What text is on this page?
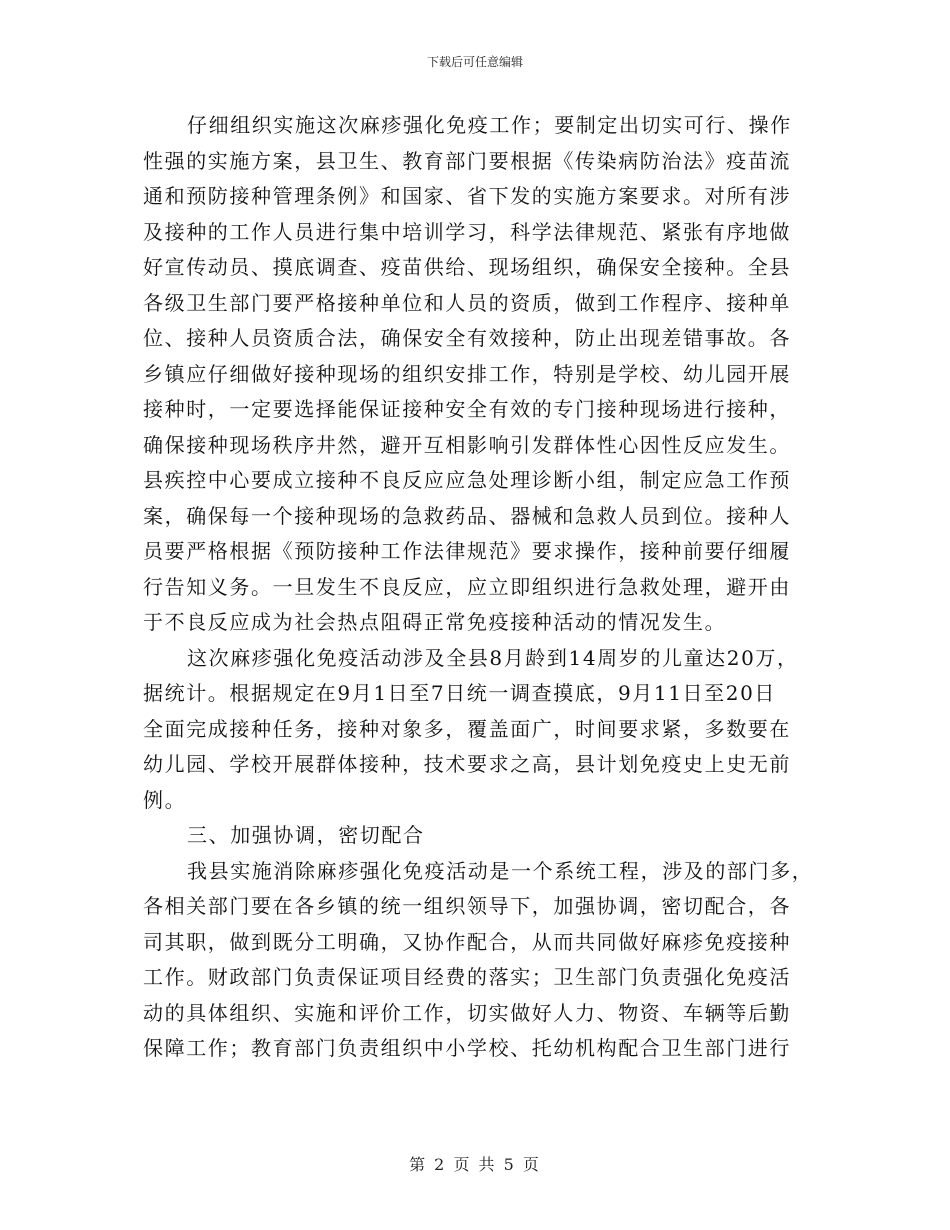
下载后可任意编辑
仔细组织实施这次麻疹强化免疫工作；要制定出切实可行、操作
性强的实施方案，县卫生、教育部门要根据《传染病防治法》疫苗流
通和预防接种管理条例》和国家、省下发的实施方案要求。对所有涉
及接种的工作人员进行集中培训学习，科学法律规范、紧张有序地做
好宣传动员、摸底调查、疫苗供给、现场组织，确保安全接种。全县
各级卫生部门要严格接种单位和人员的资质，做到工作程序、接种单
位、接种人员资质合法，确保安全有效接种，防止出现差错事故。各
乡镇应仔细做好接种现场的组织安排工作，特别是学校、幼儿园开展
接种时，一定要选择能保证接种安全有效的专门接种现场进行接种，
确保接种现场秩序井然，避开互相影响引发群体性心因性反应发生。
县疾控中心要成立接种不良反应应急处理诊断小组，制定应急工作预
案，确保每一个接种现场的急救药品、器械和急救人员到位。接种人
员要严格根据《预防接种工作法律规范》要求操作，接种前要仔细履
行告知义务。一旦发生不良反应，应立即组织进行急救处理，避开由
于不良反应成为社会热点阻碍正常免疫接种活动的情况发生。
这次麻疹强化免疫活动涉及全县8月龄到14周岁的儿童达20万，
据统计。根据规定在9月1日至7日统一调查摸底，9月11日至20日
全面完成接种任务，接种对象多，覆盖面广，时间要求紧，多数要在
幼儿园、学校开展群体接种，技术要求之高，县计划免疫史上史无前
例。
三、加强协调，密切配合
我县实施消除麻疹强化免疫活动是一个系统工程，涉及的部门多，
各相关部门要在各乡镇的统一组织领导下，加强协调，密切配合，各
司其职，做到既分工明确，又协作配合，从而共同做好麻疹免疫接种
工作。财政部门负责保证项目经费的落实；卫生部门负责强化免疫活
动的具体组织、实施和评价工作，切实做好人力、物资、车辆等后勤
保障工作；教育部门负责组织中小学校、托幼机构配合卫生部门进行
第 2 页 共 5 页
